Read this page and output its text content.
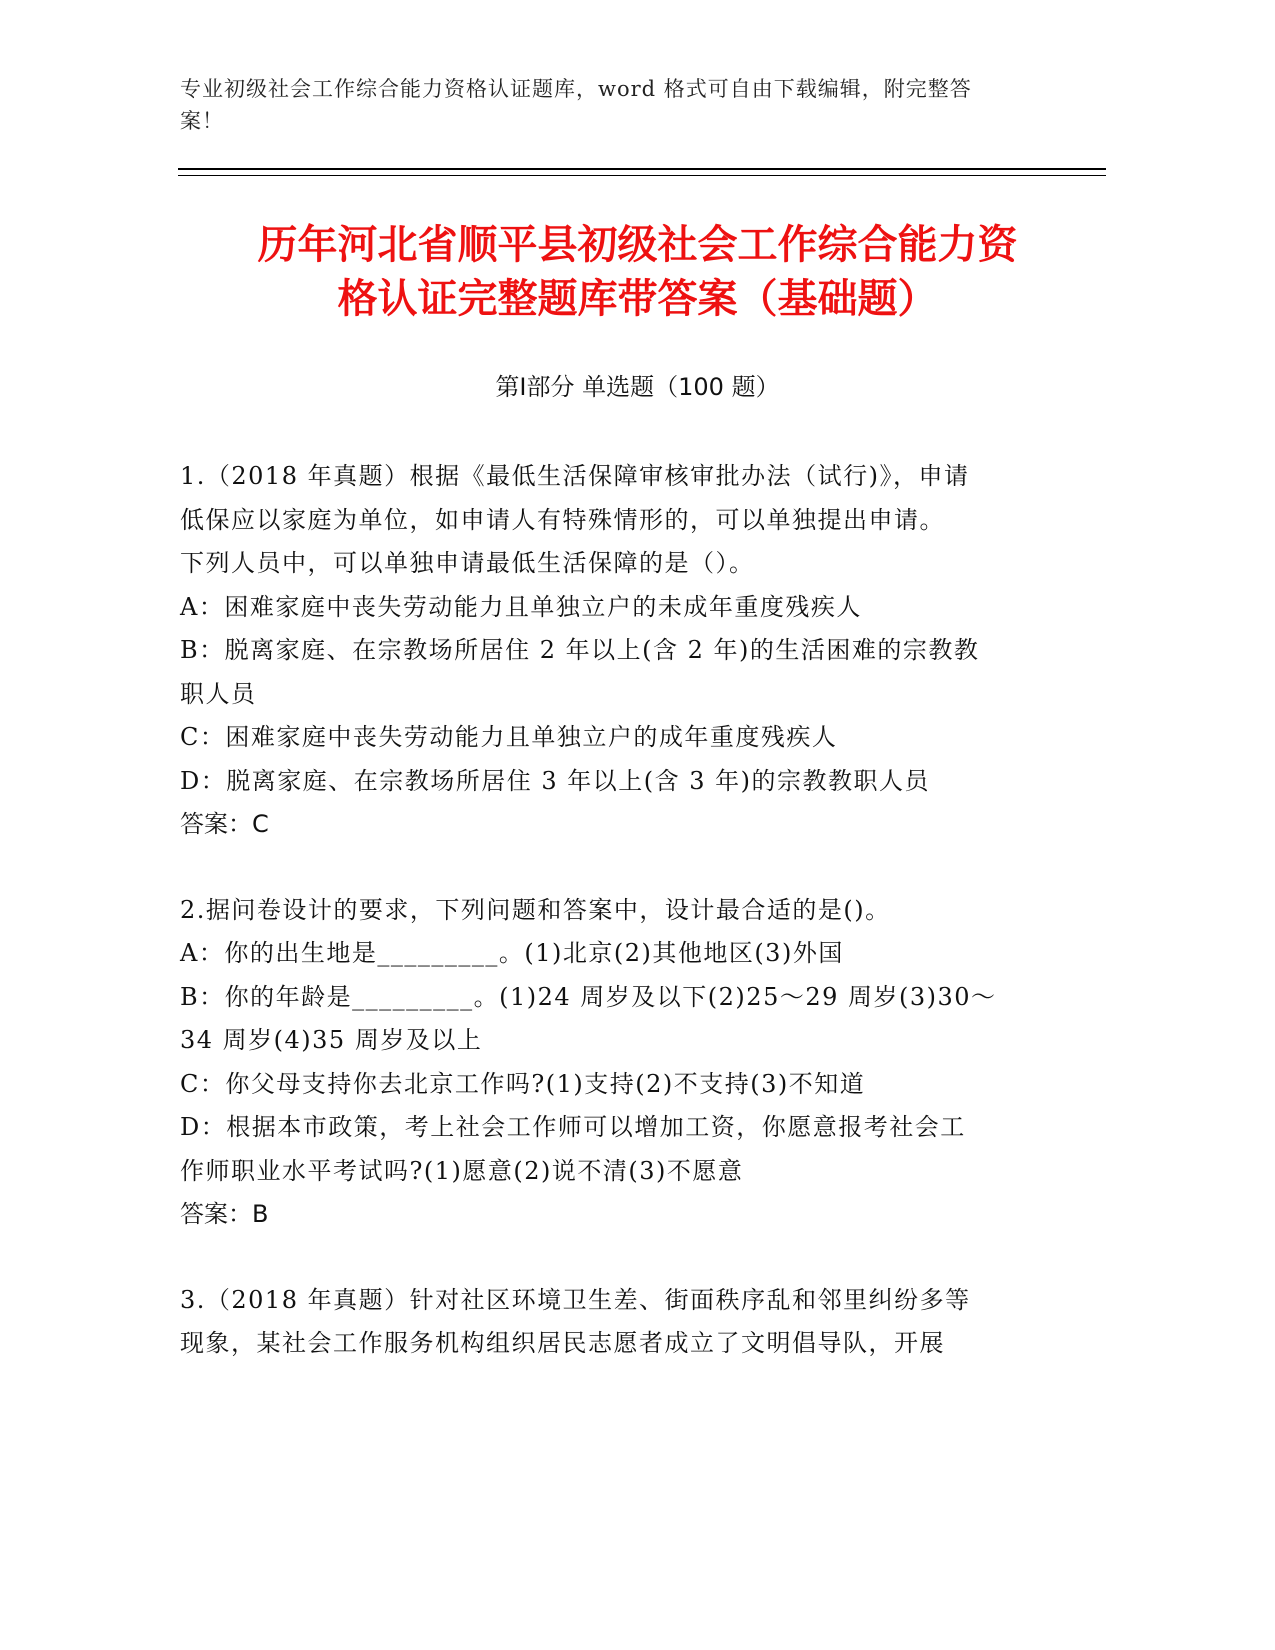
专业初级社会工作综合能力资格认证题库，word 格式可自由下载编辑，附完整答
案！
历年河北省顺平县初级社会工作综合能力资
格认证完整题库带答案（基础题）
第Ⅰ部分 单选题（100 题）
1.（2018 年真题）根据《最低生活保障审核审批办法（试行)》，申请
低保应以家庭为单位，如申请人有特殊情形的，可以单独提出申请。
下列人员中，可以单独申请最低生活保障的是（）。
A：困难家庭中丧失劳动能力且单独立户的未成年重度残疾人
B：脱离家庭、在宗教场所居住 2 年以上(含 2 年)的生活困难的宗教教
职人员
C：困难家庭中丧失劳动能力且单独立户的成年重度残疾人
D：脱离家庭、在宗教场所居住 3 年以上(含 3 年)的宗教教职人员
答案：C
2.据问卷设计的要求，下列问题和答案中，设计最合适的是()。
A：你的出生地是_________。(1)北京(2)其他地区(3)外国
B：你的年龄是_________。(1)24 周岁及以下(2)25～29 周岁(3)30～
34 周岁(4)35 周岁及以上
C：你父母支持你去北京工作吗?(1)支持(2)不支持(3)不知道
D：根据本市政策，考上社会工作师可以增加工资，你愿意报考社会工
作师职业水平考试吗?(1)愿意(2)说不清(3)不愿意
答案：B
3.（2018 年真题）针对社区环境卫生差、街面秩序乱和邻里纠纷多等
现象，某社会工作服务机构组织居民志愿者成立了文明倡导队，开展
